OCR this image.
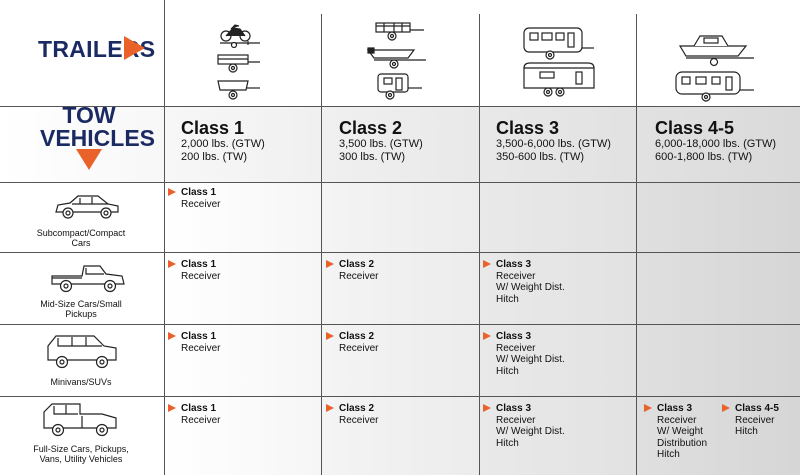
TRAILERS
TOW
VEHICLES Class 1
2,000 lbs. (GTW)
200 lbs. (TW)
Class 2
3,500 lbs. (GTW)
300 lbs. (TW)
Class 3
3,500-6,000 lbs. (GTW)
350-600 lbs. (TW)
Class 4-5
6,000-18,000 lbs. (GTW)
600-1,800 lbs. (TW)
Subcompact/Compact
Cars
Class 1
Receiver
Mid-Size Cars/Small
Pickups
Class 1
Receiver
Class 2
Receiver
Class 3
Receiver
W/ Weight Dist.
Hitch
Minivans/SUVs
Class 1
Receiver
Class 2
Receiver
Class 3
Receiver
W/ Weight Dist.
Hitch
Full-Size Cars, Pickups,
Vans, Utility Vehicles
Class 1
Receiver
Class 2
Receiver
Class 3
Receiver
W/ Weight Dist.
Hitch
Class 3
Receiver
W/ Weight
Distribution
Hitch
Class 4-5
Receiver
Hitch
